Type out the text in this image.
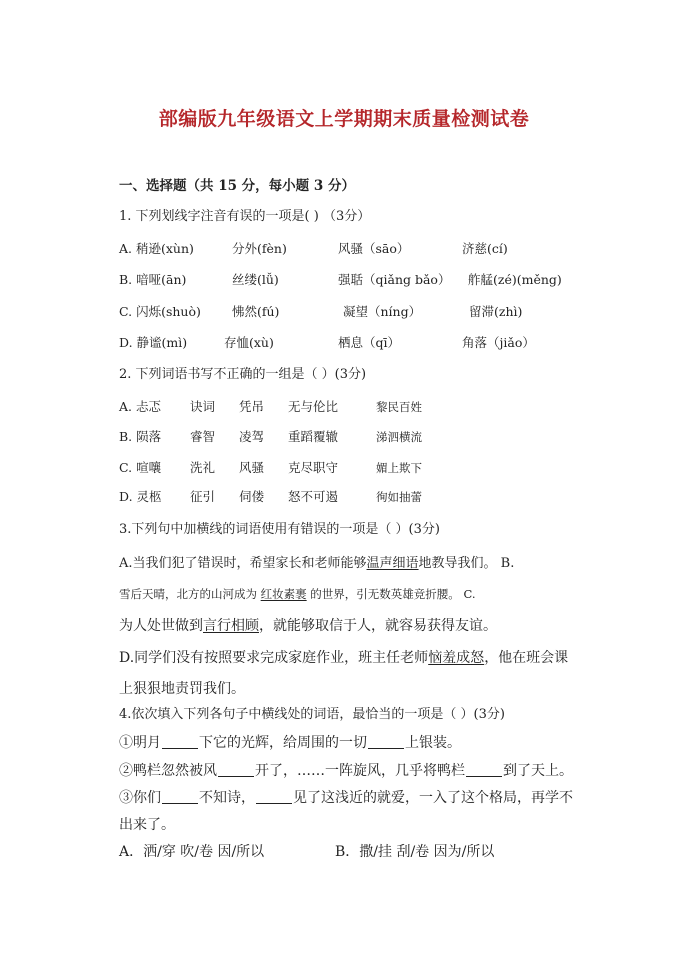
部编版九年级语文上学期期末质量检测试卷
一、选择题（共 15 分，每小题 3 分）
1. 下列划线字注音有误的一项是( ) （3分）
A. 稍逊(xùn)	分外(fèn)	风骚（sāo）	济慈(cí)
B. 喑哑(ān)	丝缕(lǚ)	强聒（qiǎng bǎo） 舴艋(zé)(měng)
C. 闪烁(shuò) 怫然(fú)	凝望（níng）	留滞(zhì)
D. 静谧(mì)	存恤(xù)	栖息（qī）	角落（jiǎo）
2. 下列词语书写不正确的一组是（ ）(3分)
A. 忐忑 诀词 凭吊 无与伦比	黎民百姓
B. 陨落 睿智 凌驾 重蹈覆辙	涕泗横流
C. 喧嚷 洗礼 风骚 克尽职守	媚上欺下
D. 灵柩 征引 伺偻 怒不可遏	徇如抽蕾
3.下列句中加横线的词语使用有错误的一项是（ ）(3分)
A.当我们犯了错误时，希望家长和老师能够温声细语地教导我们。 B.
雪后天晴，北方的山河成为 红妆素裹 的世界，引无数英雄竞折腰。 C.
为人处世做到言行相顾，就能够取信于人，就容易获得友谊。
D.同学们没有按照要求完成家庭作业，班主任老师恼羞成怒，他在班会课
上狠狠地责罚我们。
4.依次填入下列各句子中横线处的词语，最恰当的一项是（ ）(3分)
①明月	下它的光辉，给周围的一切	上银装。
②鸭栏忽然被风	开了，……一阵旋风，几乎将鸭栏	到了天上。
③你们	不知诗，	见了这浅近的就爱，一入了这个格局，再学不
出来了。
A．洒/穿 吹/卷 因/所以	B．撒/挂 刮/卷 因为/所以
